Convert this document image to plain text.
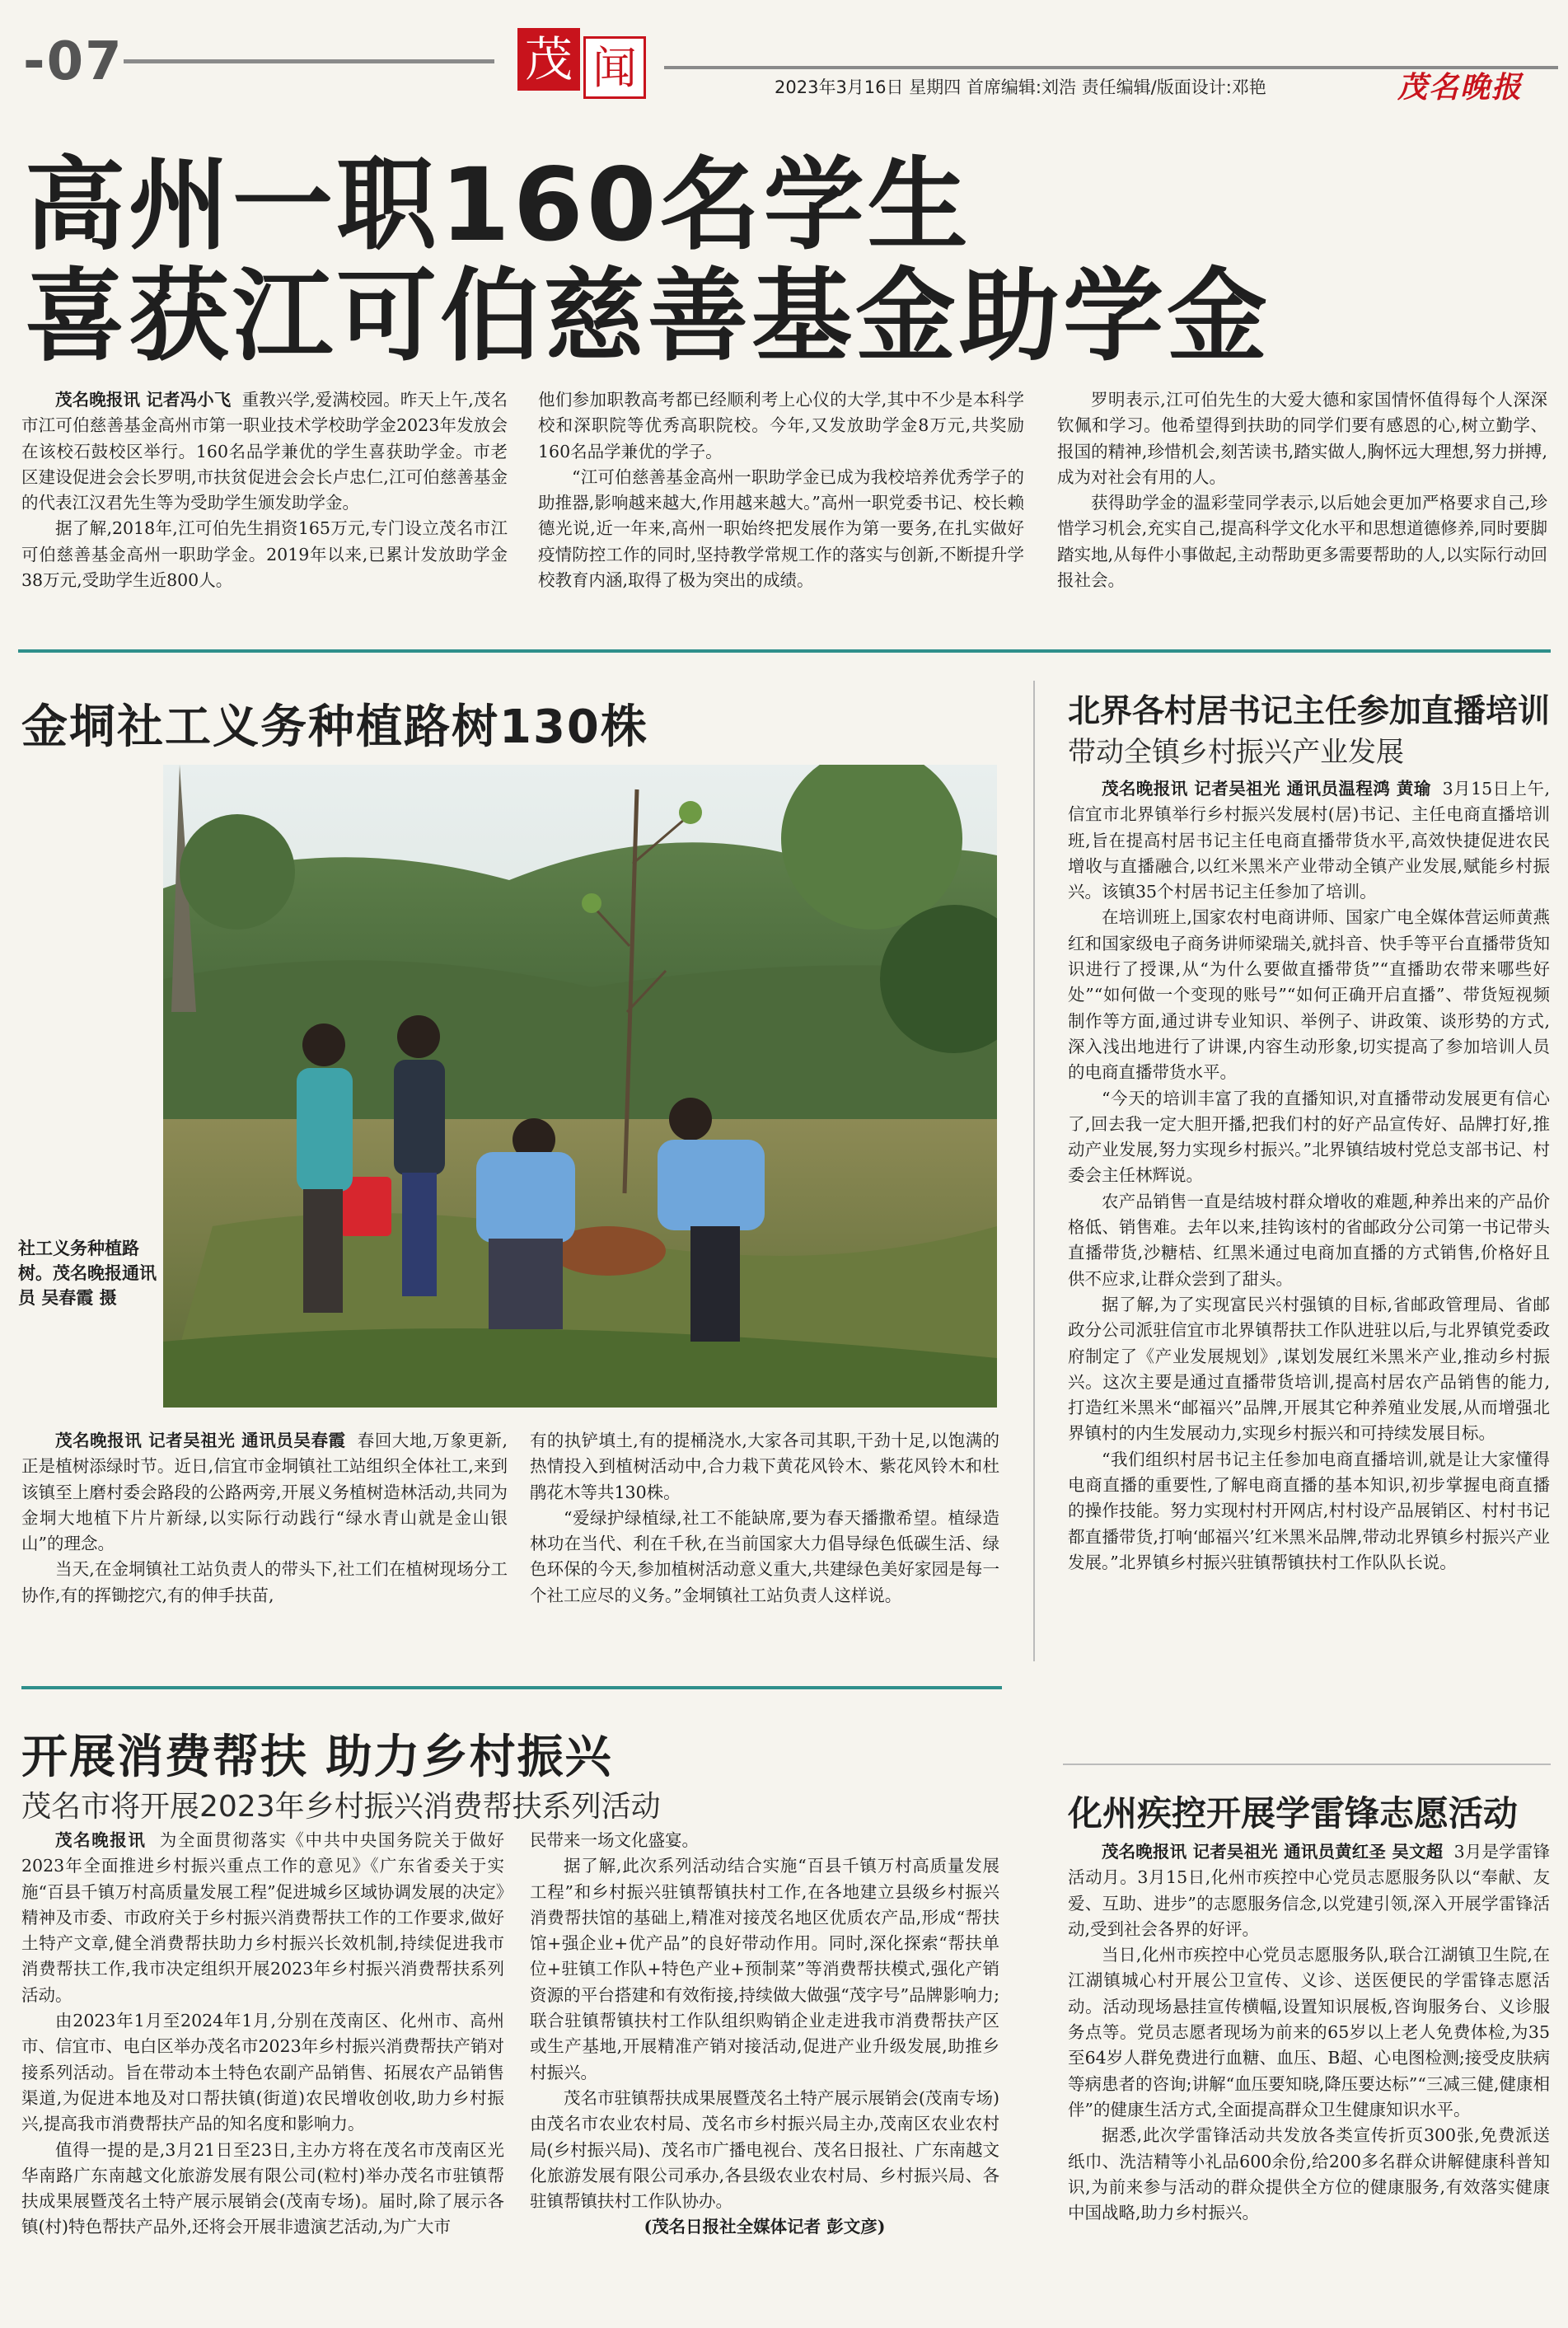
-07	茂 闻	2023年3月16日 星期四 首席编辑:刘浩 责任编辑/版面设计:邓艳	茂名晚报
高州一职160名学生
喜获江可伯慈善基金助学金

茂名晚报讯 记者冯小飞 重教兴学,爱满校园。昨天上午,茂名市江可伯慈善基金高州市第一职业技术学校助学金2023年发放会在该校石鼓校区举行。160名品学兼优的学生喜获助学金。市老区建设促进会会长罗明,市扶贫促进会会长卢忠仁,江可伯慈善基金的代表江汉君先生等为受助学生颁发助学金。

据了解,2018年,江可伯先生捐资165万元,专门设立茂名市江可伯慈善基金高州一职助学金。2019年以来,已累计发放助学金38万元,受助学生近800人。

他们参加职教高考都已经顺利考上心仪的大学,其中不少是本科学校和深职院等优秀高职院校。今年,又发放助学金8万元,共奖励160名品学兼优的学子。

“江可伯慈善基金高州一职助学金已成为我校培养优秀学子的助推器,影响越来越大,作用越来越大。”高州一职党委书记、校长赖德光说,近一年来,高州一职始终把发展作为第一要务,在扎实做好疫情防控工作的同时,坚持教学常规工作的落实与创新,不断提升学校教育内涵,取得了极为突出的成绩。

罗明表示,江可伯先生的大爱大德和家国情怀值得每个人深深钦佩和学习。他希望得到扶助的同学们要有感恩的心,树立勤学、报国的精神,珍惜机会,刻苦读书,踏实做人,胸怀远大理想,努力拼搏,成为对社会有用的人。

获得助学金的温彩莹同学表示,以后她会更加严格要求自己,珍惜学习机会,充实自己,提高科学文化水平和思想道德修养,同时要脚踏实地,从每件小事做起,主动帮助更多需要帮助的人,以实际行动回报社会。

金垌社工义务种植路树130株
社工义务种植路树。茂名晚报通讯员 吴春霞 摄

茂名晚报讯 记者吴祖光 通讯员吴春霞 春回大地,万象更新,正是植树添绿时节。近日,信宜市金垌镇社工站组织全体社工,来到该镇至上磨村委会路段的公路两旁,开展义务植树造林活动,共同为金垌大地植下片片新绿,以实际行动践行“绿水青山就是金山银山”的理念。

当天,在金垌镇社工站负责人的带头下,社工们在植树现场分工协作,有的挥锄挖穴,有的伸手扶苗,

有的执铲填土,有的提桶浇水,大家各司其职,干劲十足,以饱满的热情投入到植树活动中,合力栽下黄花风铃木、紫花风铃木和杜鹃花木等共130株。

“爱绿护绿植绿,社工不能缺席,要为春天播撒希望。植绿造林功在当代、利在千秋,在当前国家大力倡导绿色低碳生活、绿色环保的今天,参加植树活动意义重大,共建绿色美好家园是每一个社工应尽的义务。”金垌镇社工站负责人这样说。

开展消费帮扶 助力乡村振兴
茂名市将开展2023年乡村振兴消费帮扶系列活动

茂名晚报讯 为全面贯彻落实《中共中央国务院关于做好2023年全面推进乡村振兴重点工作的意见》《广东省委关于实施“百县千镇万村高质量发展工程”促进城乡区域协调发展的决定》精神及市委、市政府关于乡村振兴消费帮扶工作的工作要求,做好土特产文章,健全消费帮扶助力乡村振兴长效机制,持续促进我市消费帮扶工作,我市决定组织开展2023年乡村振兴消费帮扶系列活动。

由2023年1月至2024年1月,分别在茂南区、化州市、高州市、信宜市、电白区举办茂名市2023年乡村振兴消费帮扶产销对接系列活动。旨在带动本土特色农副产品销售、拓展农产品销售渠道,为促进本地及对口帮扶镇(街道)农民增收创收,助力乡村振兴,提高我市消费帮扶产品的知名度和影响力。

值得一提的是,3月21日至23日,主办方将在茂名市茂南区光华南路广东南越文化旅游发展有限公司(粒村)举办茂名市驻镇帮扶成果展暨茂名土特产展示展销会(茂南专场)。届时,除了展示各镇(村)特色帮扶产品外,还将会开展非遗演艺活动,为广大市

民带来一场文化盛宴。

据了解,此次系列活动结合实施“百县千镇万村高质量发展工程”和乡村振兴驻镇帮镇扶村工作,在各地建立县级乡村振兴消费帮扶馆的基础上,精准对接茂名地区优质农产品,形成“帮扶馆+强企业+优产品”的良好带动作用。同时,深化探索“帮扶单位+驻镇工作队+特色产业+预制菜”等消费帮扶模式,强化产销资源的平台搭建和有效衔接,持续做大做强“茂字号”品牌影响力;联合驻镇帮镇扶村工作队组织购销企业走进我市消费帮扶产区或生产基地,开展精准产销对接活动,促进产业升级发展,助推乡村振兴。

茂名市驻镇帮扶成果展暨茂名土特产展示展销会(茂南专场)由茂名市农业农村局、茂名市乡村振兴局主办,茂南区农业农村局(乡村振兴局)、茂名市广播电视台、茂名日报社、广东南越文化旅游发展有限公司承办,各县级农业农村局、乡村振兴局、各驻镇帮镇扶村工作队协办。

(茂名日报社全媒体记者 彭文彦)

北界各村居书记主任参加直播培训
带动全镇乡村振兴产业发展

茂名晚报讯 记者吴祖光 通讯员温程鸿 黄瑜 3月15日上午,信宜市北界镇举行乡村振兴发展村(居)书记、主任电商直播培训班,旨在提高村居书记主任电商直播带货水平,高效快捷促进农民增收与直播融合,以红米黑米产业带动全镇产业发展,赋能乡村振兴。该镇35个村居书记主任参加了培训。

在培训班上,国家农村电商讲师、国家广电全媒体营运师黄燕红和国家级电子商务讲师梁瑞关,就抖音、快手等平台直播带货知识进行了授课,从“为什么要做直播带货”“直播助农带来哪些好处”“如何做一个变现的账号”“如何正确开启直播”、带货短视频制作等方面,通过讲专业知识、举例子、讲政策、谈形势的方式,深入浅出地进行了讲课,内容生动形象,切实提高了参加培训人员的电商直播带货水平。

“今天的培训丰富了我的直播知识,对直播带动发展更有信心了,回去我一定大胆开播,把我们村的好产品宣传好、品牌打好,推动产业发展,努力实现乡村振兴。”北界镇结坡村党总支部书记、村委会主任林辉说。

农产品销售一直是结坡村群众增收的难题,种养出来的产品价格低、销售难。去年以来,挂钩该村的省邮政分公司第一书记带头直播带货,沙糖桔、红黑米通过电商加直播的方式销售,价格好且供不应求,让群众尝到了甜头。

据了解,为了实现富民兴村强镇的目标,省邮政管理局、省邮政分公司派驻信宜市北界镇帮扶工作队进驻以后,与北界镇党委政府制定了《产业发展规划》,谋划发展红米黑米产业,推动乡村振兴。这次主要是通过直播带货培训,提高村居农产品销售的能力,打造红米黑米“邮福兴”品牌,开展其它种养殖业发展,从而增强北界镇村的内生发展动力,实现乡村振兴和可持续发展目标。

“我们组织村居书记主任参加电商直播培训,就是让大家懂得电商直播的重要性,了解电商直播的基本知识,初步掌握电商直播的操作技能。努力实现村村开网店,村村设产品展销区、村村书记都直播带货,打响‘邮福兴’红米黑米品牌,带动北界镇乡村振兴产业发展。”北界镇乡村振兴驻镇帮镇扶村工作队队长说。

化州疾控开展学雷锋志愿活动

茂名晚报讯 记者吴祖光 通讯员黄红圣 吴文超 3月是学雷锋活动月。3月15日,化州市疾控中心党员志愿服务队以“奉献、友爱、互助、进步”的志愿服务信念,以党建引领,深入开展学雷锋活动,受到社会各界的好评。

当日,化州市疾控中心党员志愿服务队,联合江湖镇卫生院,在江湖镇城心村开展公卫宣传、义诊、送医便民的学雷锋志愿活动。活动现场悬挂宣传横幅,设置知识展板,咨询服务台、义诊服务点等。党员志愿者现场为前来的65岁以上老人免费体检,为35至64岁人群免费进行血糖、血压、B超、心电图检测;接受皮肤病等病患者的咨询;讲解“血压要知晓,降压要达标”“三减三健,健康相伴”的健康生活方式,全面提高群众卫生健康知识水平。

据悉,此次学雷锋活动共发放各类宣传折页300张,免费派送纸巾、洗洁精等小礼品600余份,给200多名群众讲解健康科普知识,为前来参与活动的群众提供全方位的健康服务,有效落实健康中国战略,助力乡村振兴。
